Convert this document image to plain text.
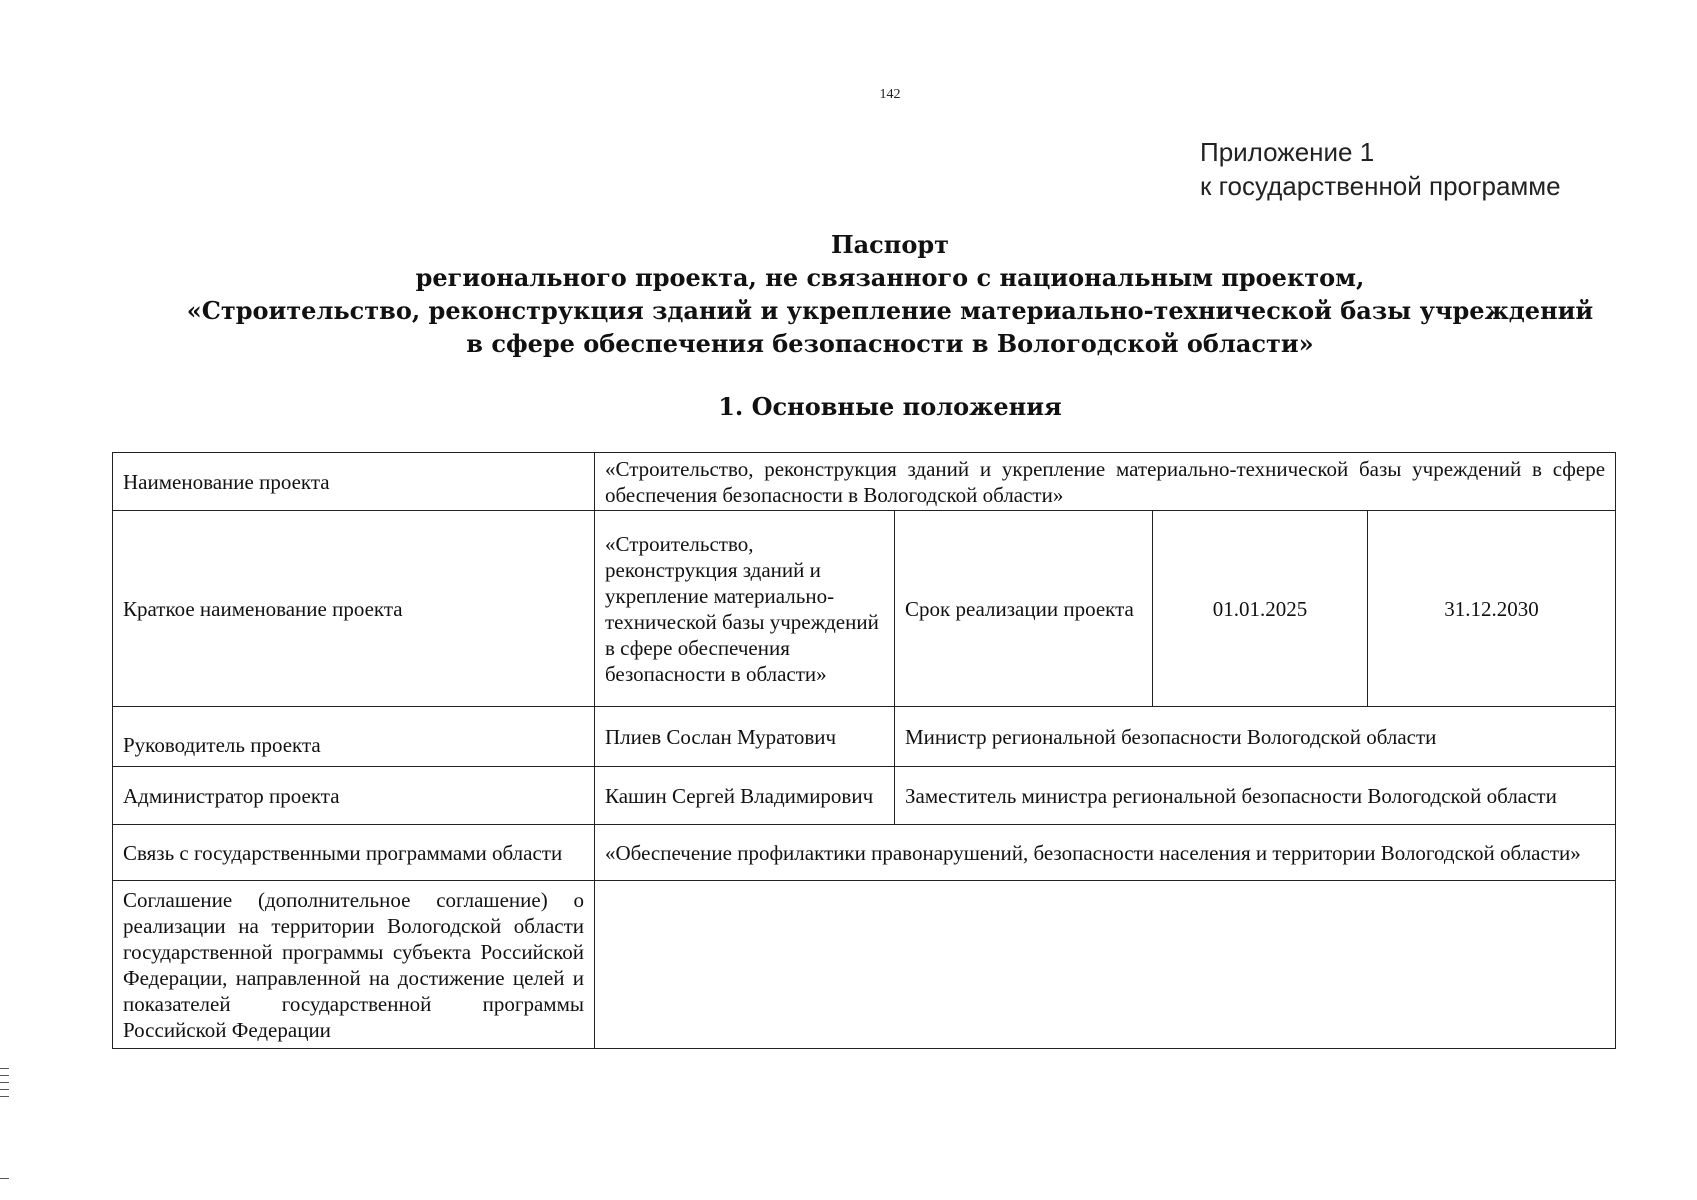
142
Приложение 1
к государственной программе
Паспорт
регионального проекта, не связанного с национальным проектом,
«Строительство, реконструкция зданий и укрепление материально-технической базы учреждений
в сфере обеспечения безопасности в Вологодской области»
1. Основные положения
Наименование проекта	«Строительство, реконструкция зданий и укрепление материально-технической базы учреждений в сфере обеспечения безопасности в Вологодской области»			
Краткое наименование проекта	«Строительство, реконструкция зданий и укрепление материально-технической базы учреждений в сфере обеспечения безопасности в области»	Срок реализации проекта	01.01.2025	31.12.2030
Руководитель проекта	Плиев Сослан Муратович	Министр региональной безопасности Вологодской области		
Администратор проекта	Кашин Сергей Владимирович	Заместитель министра региональной безопасности Вологодской области		
Связь с государственными программами области	«Обеспечение профилактики правонарушений, безопасности населения и территории Вологодской области»			
Соглашение (дополнительное соглашение) о реализации на территории Вологодской области государственной программы субъекта Российской Федерации, направленной на достижение целей и показателей государственной программы Российской Федерации				
